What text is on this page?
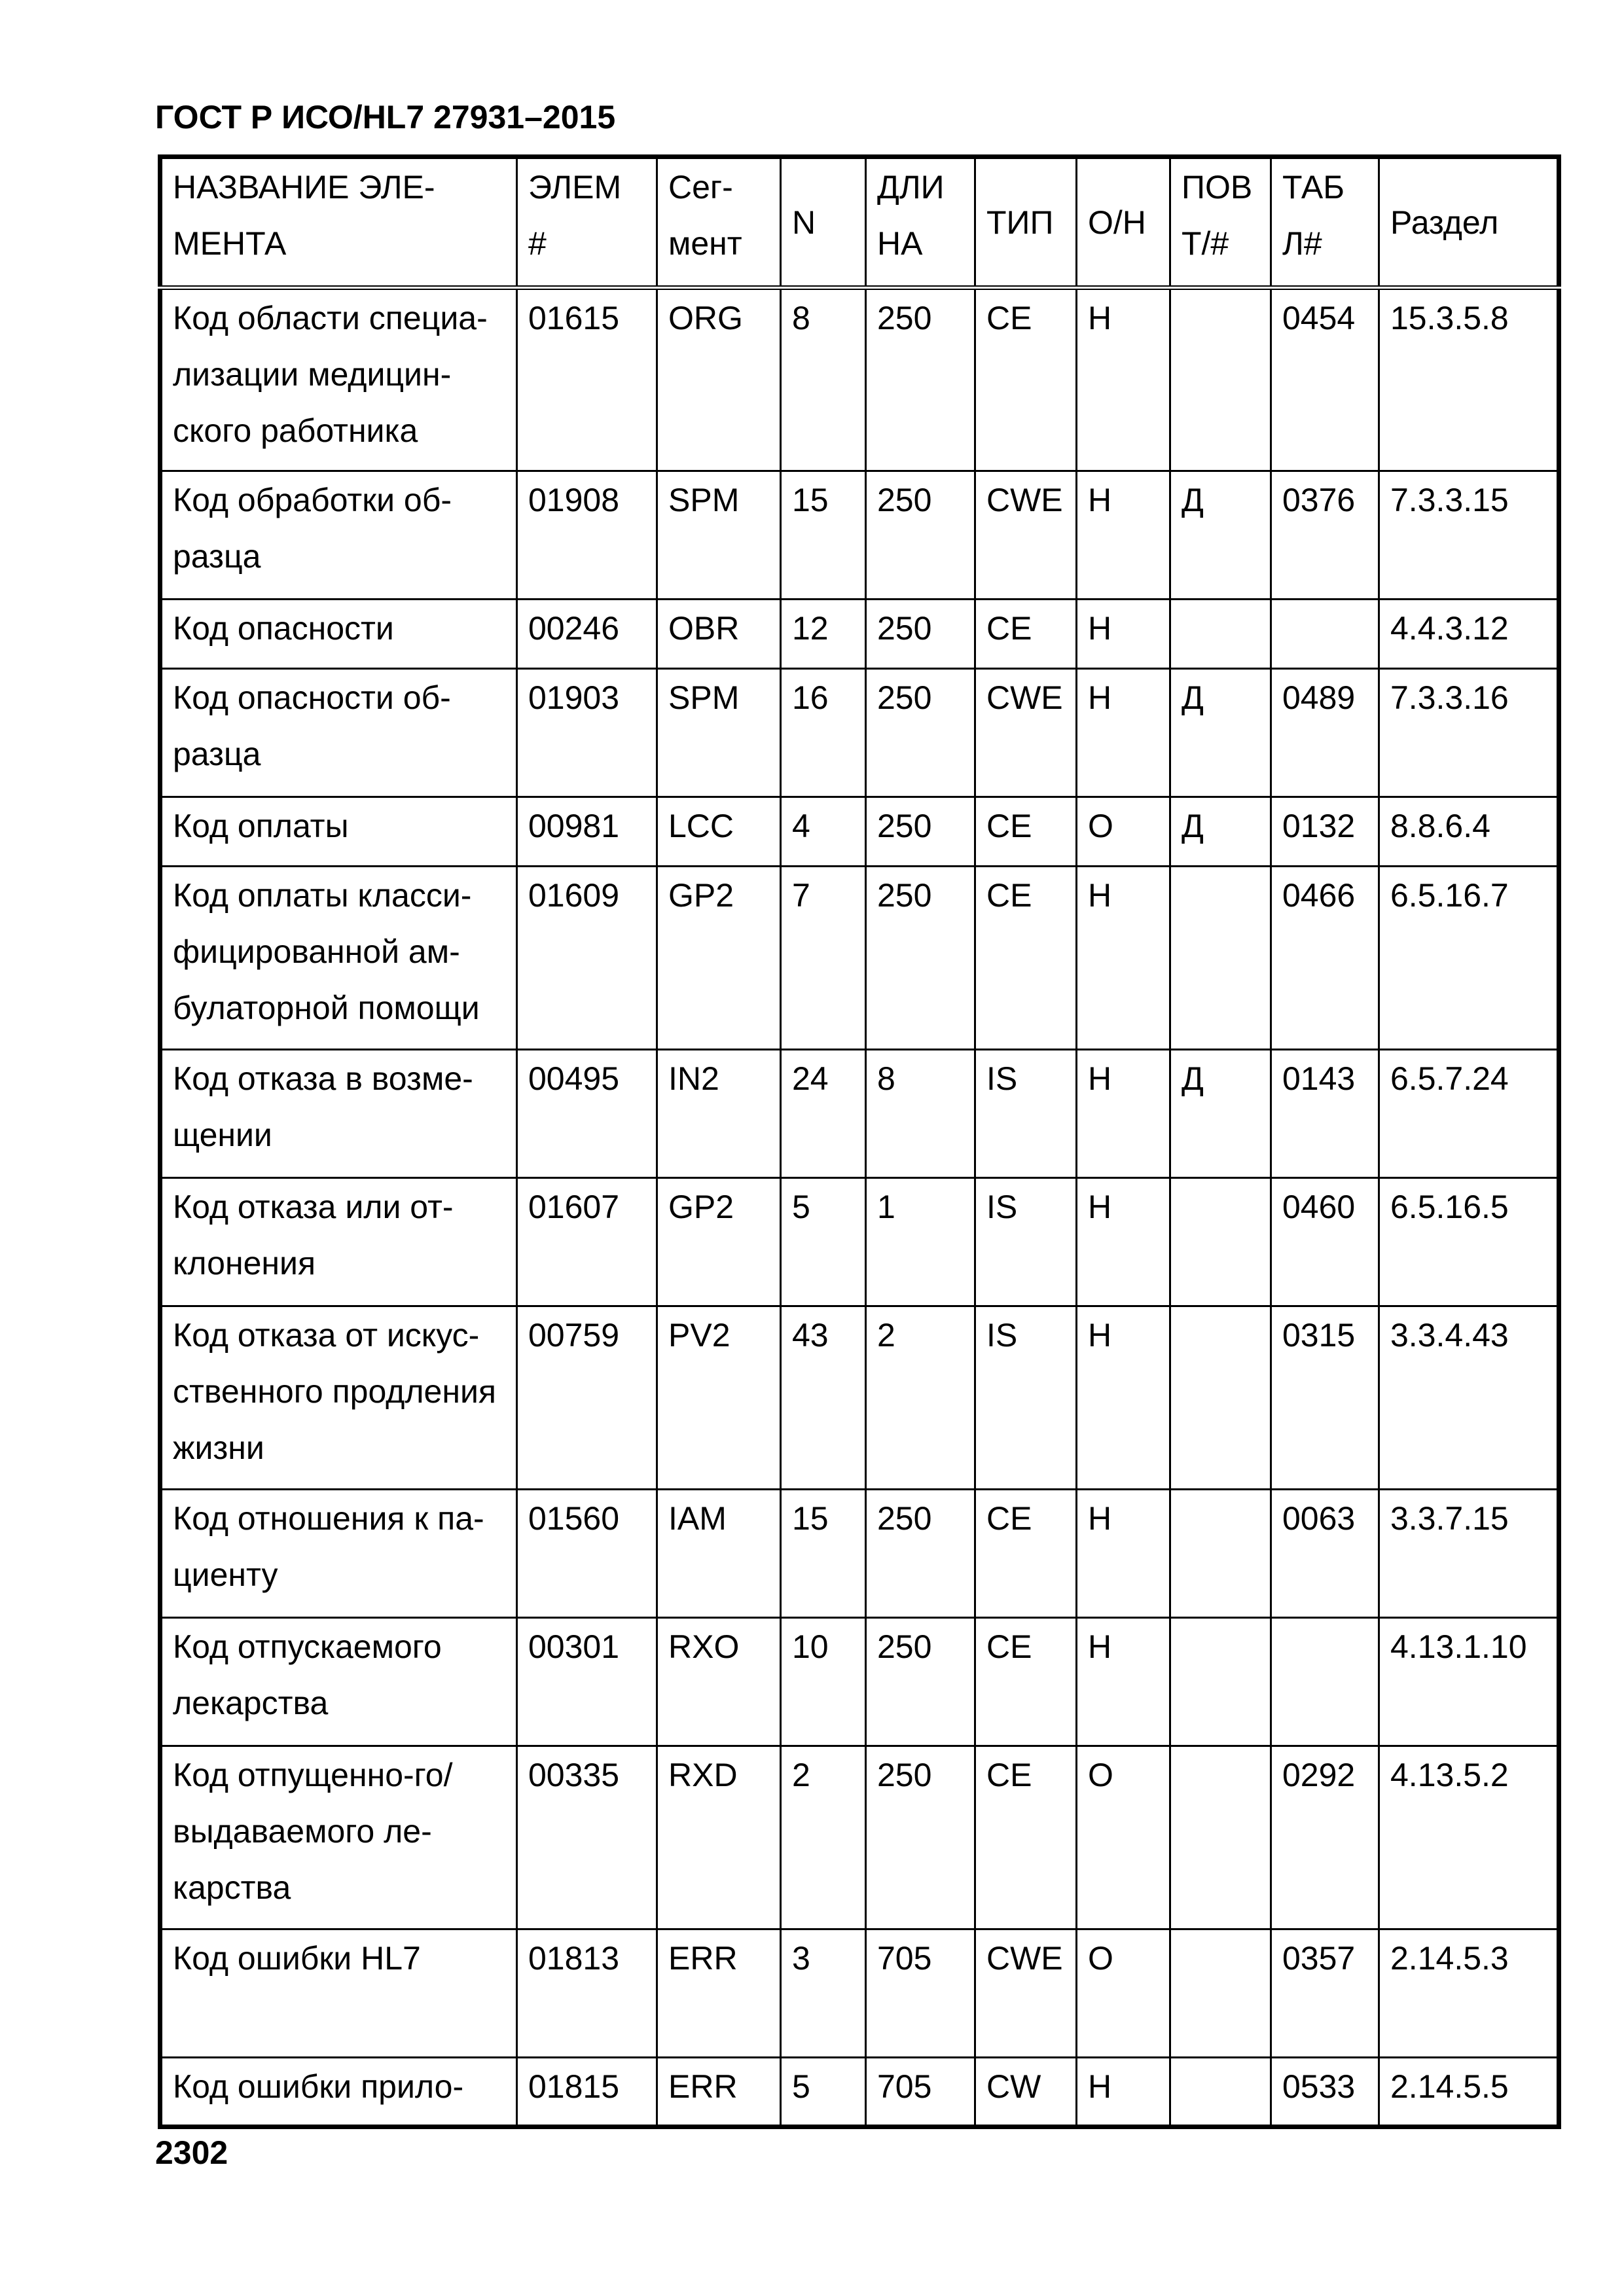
ГОСТ Р ИСО/HL7 27931–2015
НАЗВАНИЕ ЭЛЕ-МЕНТА	ЭЛЕМ #	Сег-мент	N	ДЛИ НА	ТИП	О/Н	ПОВ Т/#	ТАБ Л#	Раздел
Код области специа-лизации медицин-ского работника	01615	ORG	8	250	CE	Н		0454	15.3.5.8
Код обработки об-разца	01908	SPM	15	250	CWE	Н	Д	0376	7.3.3.15
Код опасности	00246	OBR	12	250	CE	Н			4.4.3.12
Код опасности об-разца	01903	SPM	16	250	CWE	Н	Д	0489	7.3.3.16
Код оплаты	00981	LCC	4	250	CE	О	Д	0132	8.8.6.4
Код оплаты класси-фицированной ам-булаторной помощи	01609	GP2	7	250	CE	Н		0466	6.5.16.7
Код отказа в возме-щении	00495	IN2	24	8	IS	Н	Д	0143	6.5.7.24
Код отказа или от-клонения	01607	GP2	5	1	IS	Н		0460	6.5.16.5
Код отказа от искус-ственного продления жизни	00759	PV2	43	2	IS	Н		0315	3.3.4.43
Код отношения к па-циенту	01560	IAM	15	250	CE	Н		0063	3.3.7.15
Код отпускаемого лекарства	00301	RXO	10	250	CE	Н			4.13.1.10
Код отпущенно-го/выдаваемого ле-карства	00335	RXD	2	250	CE	О		0292	4.13.5.2
Код ошибки HL7	01813	ERR	3	705	CWE	О		0357	2.14.5.3
Код ошибки прило-	01815	ERR	5	705	CW	Н		0533	2.14.5.5
2302
